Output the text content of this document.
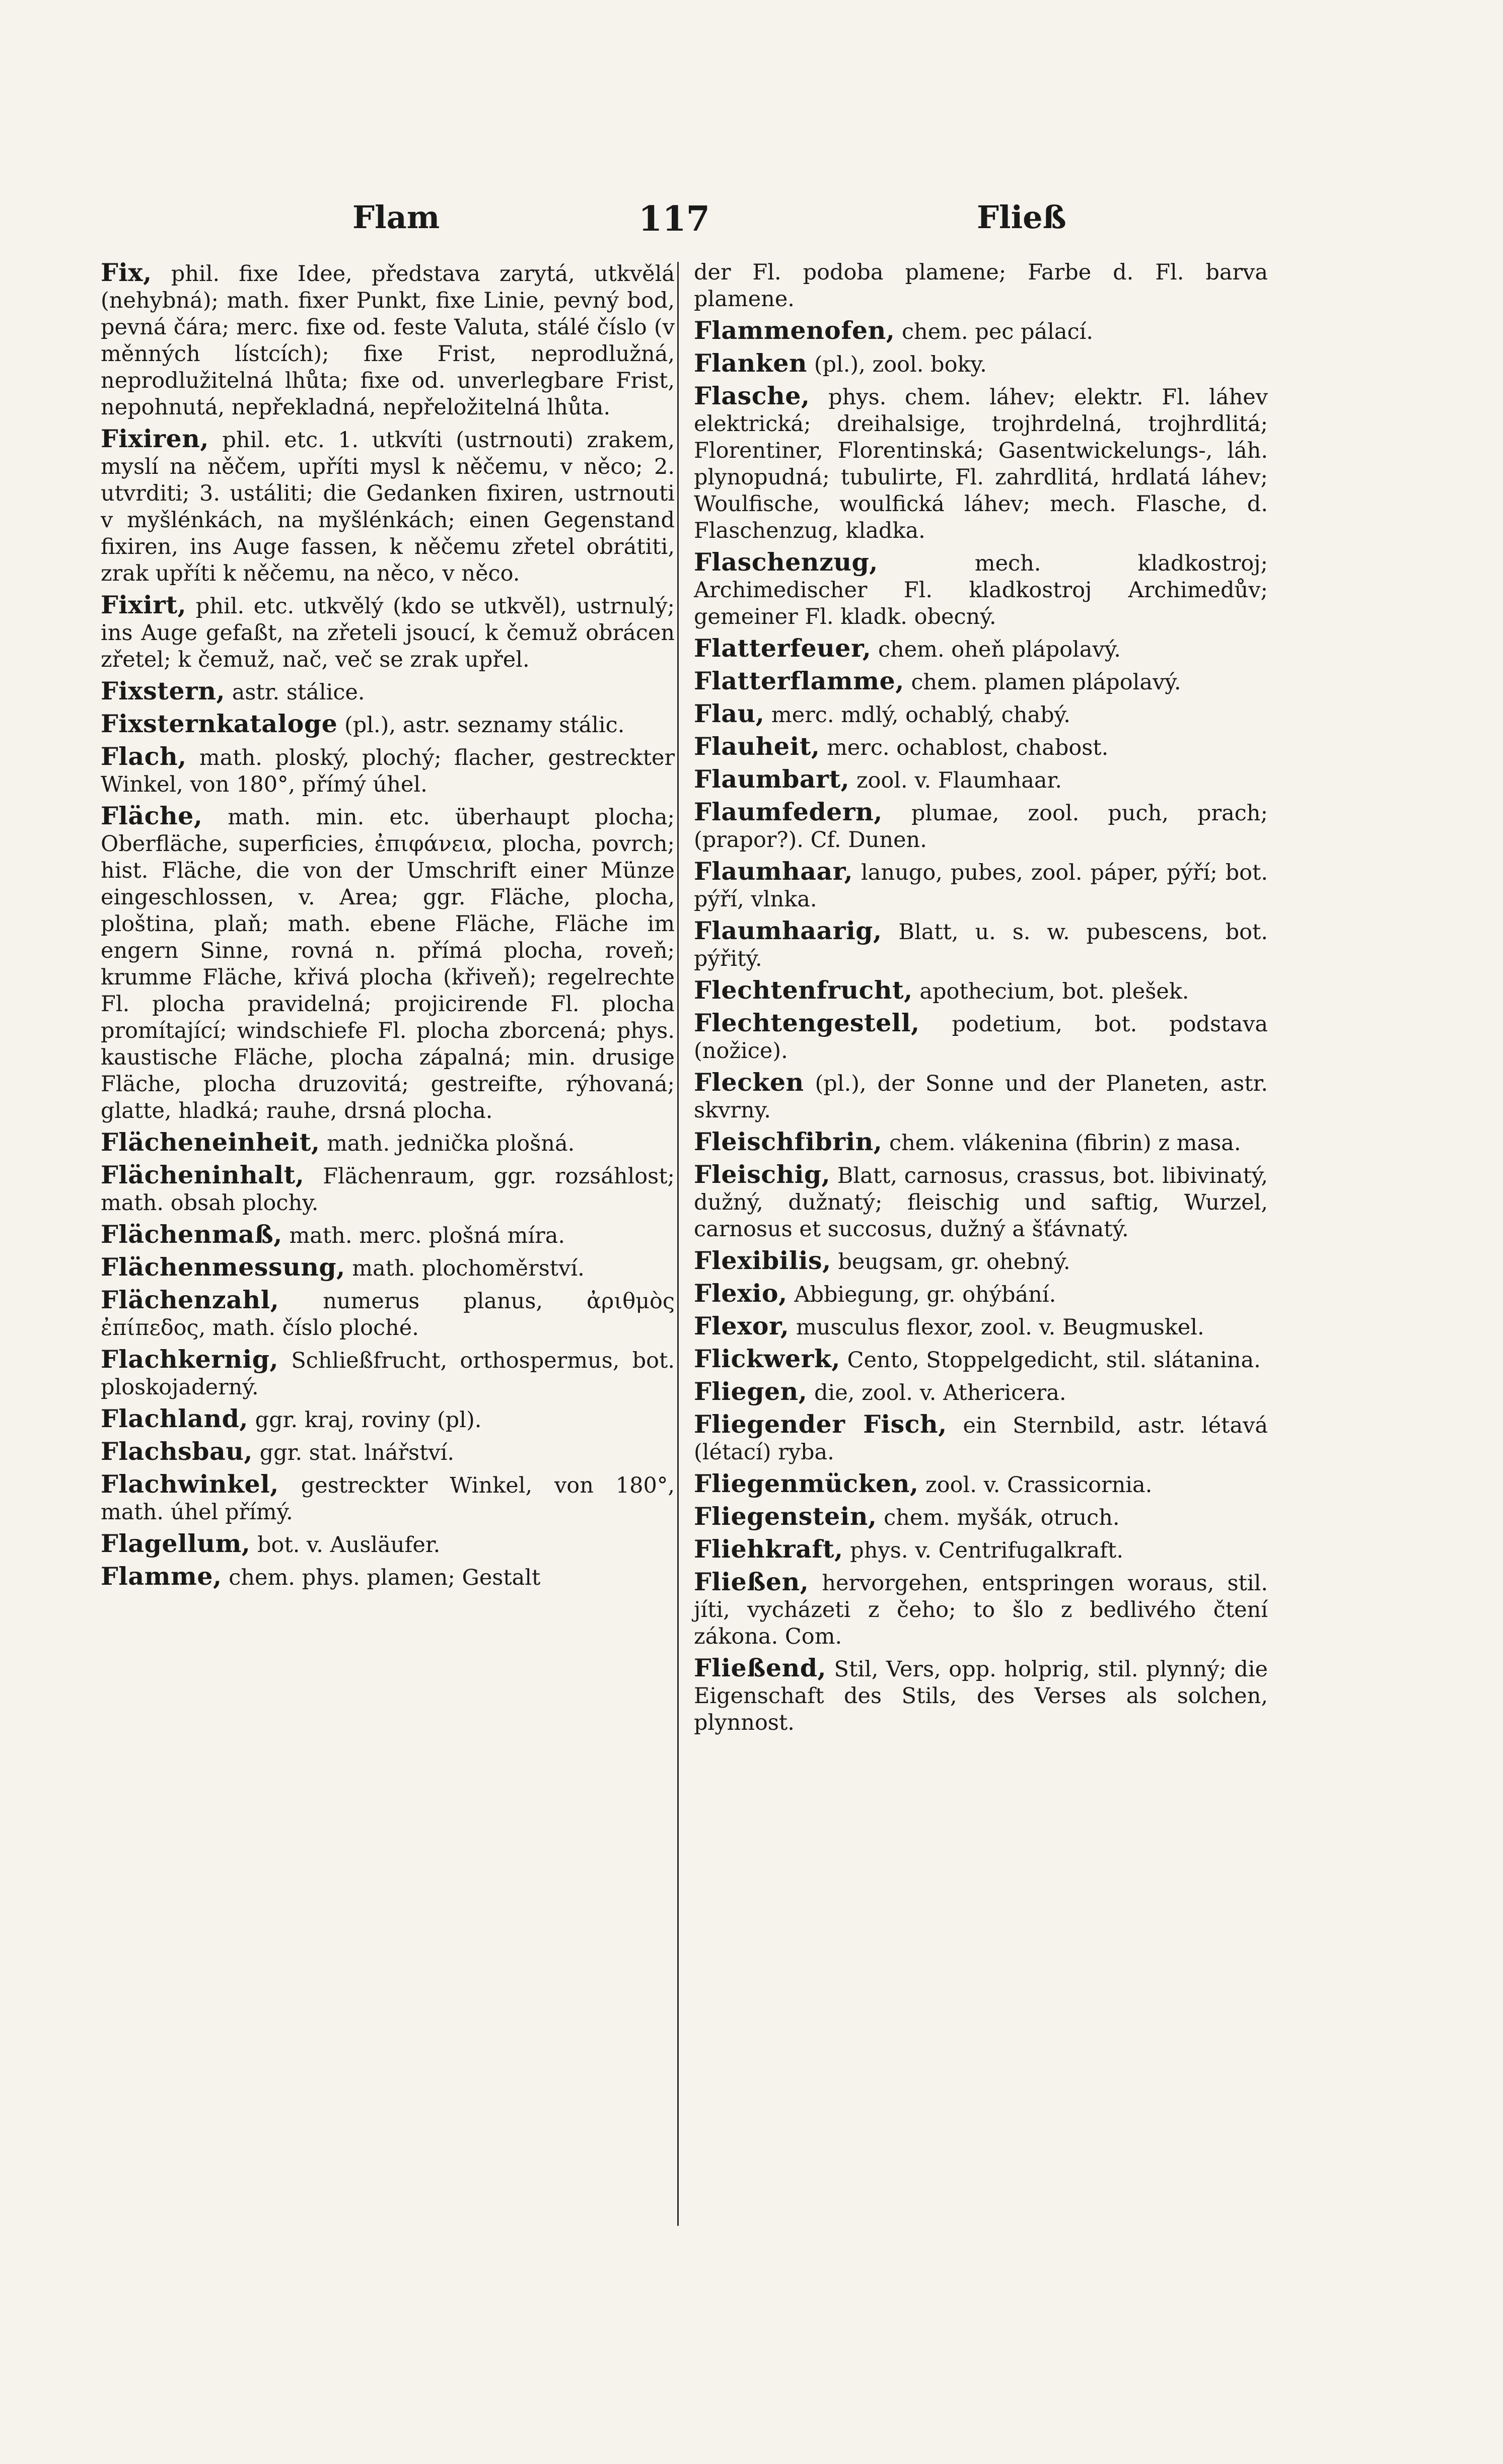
Flam	117	Fließ

Fix, phil. fixe Idee, představa zarytá, utkvělá (nehybná); math. fixer Punkt, fixe Linie, pevný bod, pevná čára; merc. fixe od. feste Valuta, stálé číslo (v měnných lístcích); fixe Frist, neprodlužná, neprodlužitelná lhůta; fixe od. unverlegbare Frist, nepohnutá, nepřekladná, nepřeložitelná lhůta.

Fixiren, phil. etc. 1. utkvíti (ustrnouti) zrakem, myslí na něčem, upříti mysl k něčemu, v něco; 2. utvrditi; 3. ustáliti; die Gedanken fixiren, ustrnouti v myšlénkách, na myšlénkách; einen Gegenstand fixiren, ins Auge fassen, k něčemu zřetel obrátiti, zrak upříti k něčemu, na něco, v něco.

Fixirt, phil. etc. utkvělý (kdo se utkvěl), ustrnulý; ins Auge gefaßt, na zřeteli jsoucí, k čemuž obrácen zřetel; k čemuž, nač, več se zrak upřel.

Fixstern, astr. stálice.

Fixsternkataloge (pl.), astr. seznamy stálic.

Flach, math. ploský, plochý; flacher, gestreckter Winkel, von 180°, přímý úhel.

Fläche, math. min. etc. überhaupt plocha; Oberfläche, superficies, ἐπιφάνεια, plocha, povrch; hist. Fläche, die von der Umschrift einer Münze eingeschlossen, v. Area; ggr. Fläche, plocha, ploština, plaň; math. ebene Fläche, Fläche im engern Sinne, rovná n. přímá plocha, roveň; krumme Fläche, křivá plocha (křiveň); regelrechte Fl. plocha pravidelná; projicirende Fl. plocha promítající; windschiefe Fl. plocha zborcená; phys. kaustische Fläche, plocha zápalná; min. drusige Fläche, plocha druzovitá; gestreifte, rýhovaná; glatte, hladká; rauhe, drsná plocha.

Flächeneinheit, math. jednička plošná.

Flächeninhalt, Flächenraum, ggr. rozsáhlost; math. obsah plochy.

Flächenmaß, math. merc. plošná míra.

Flächenmessung, math. plochoměrství.

Flächenzahl, numerus planus, ἀριθμὸς ἐπίπεδος, math. číslo ploché.

Flachkernig, Schließfrucht, orthospermus, bot. ploskojaderný.

Flachland, ggr. kraj, roviny (pl).

Flachsbau, ggr. stat. lnářství.

Flachwinkel, gestreckter Winkel, von 180°, math. úhel přímý.

Flagellum, bot. v. Ausläufer.

Flamme, chem. phys. plamen; Gestalt

der Fl. podoba plamene; Farbe d. Fl. barva plamene.

Flammenofen, chem. pec pálací.

Flanken (pl.), zool. boky.

Flasche, phys. chem. láhev; elektr. Fl. láhev elektrická; dreihalsige, trojhrdelná, trojhrdlitá; Florentiner, Florentinská; Gasentwickelungs-, láh. plynopudná; tubulirte, Fl. zahrdlitá, hrdlatá láhev; Woulfische, woulfická láhev; mech. Flasche, d. Flaschenzug, kladka.

Flaschenzug,	mech. kladkostroj; Archimedischer Fl. kladkostroj Archimedův; gemeiner Fl. kladk. obecný.

Flatterfeuer, chem. oheň plápolavý.

Flatterflamme, chem. plamen plápolavý.

Flau, merc. mdlý, ochablý, chabý.

Flauheit, merc. ochablost, chabost.

Flaumbart, zool. v. Flaumhaar.

Flaumfedern, plumae, zool. puch, prach; (prapor?). Cf. Dunen.

Flaumhaar, lanugo, pubes, zool. páper, pýří; bot. pýří, vlnka.

Flaumhaarig, Blatt, u. s. w. pubescens, bot. pýřitý.

Flechtenfrucht, apothecium, bot. plešek.

Flechtengestell, podetium, bot. podstava (nožice).

Flecken (pl.), der Sonne und der Planeten, astr. skvrny.

Fleischfibrin, chem. vlákenina (fibrin) z masa.

Fleischig, Blatt, carnosus, crassus, bot. libivinatý, dužný, dužnatý; fleischig und saftig, Wurzel, carnosus et succosus, dužný a šťávnatý.

Flexibilis, beugsam, gr. ohebný.

Flexio, Abbiegung, gr. ohýbání.

Flexor, musculus flexor, zool. v. Beugmuskel.

Flickwerk, Cento, Stoppelgedicht, stil. slátanina.

Fliegen, die, zool. v. Athericera.

Fliegender Fisch, ein Sternbild, astr. létavá (létací) ryba.

Fliegenmücken, zool. v. Crassicornia.

Fliegenstein, chem. myšák, otruch.

Fliehkraft, phys. v. Centrifugalkraft.

Fließen, hervorgehen, entspringen woraus, stil. jíti, vycházeti z čeho; to šlo z bedlivého čtení zákona. Com.

Fließend, Stil, Vers, opp. holprig, stil. plynný; die Eigenschaft des Stils, des Verses als solchen, plynnost.
